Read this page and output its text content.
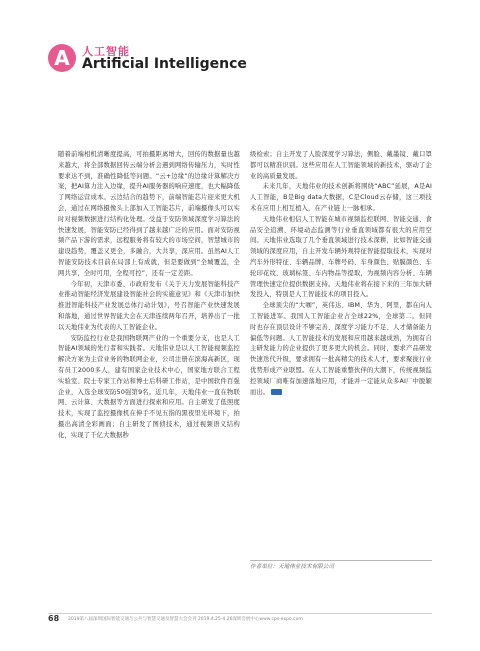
A 人工智能
Artificial Intelligence

随着前端相机清晰度提高，可拍摄距离增大，回传的数据量也越来越大，将全部数据回传云端分析会遇到网络传输压力，实时性要求达不到，准确性降低等问题。“云+边缘”的边缘计算解决方案，把AI算力注入边缘，提升AI服务器的响应速度，也大幅降低了网络运营成本。云边结合的趋势下，前端智能芯片迎来更大机会，通过在网络摄像头上部加入工智能芯片，前端摄像头可以实时对视频数据进行结构化处理。受益于安防领域深度学习算法的快速发展，智能安防已经得到了越来越广泛的应用。面对安防视频产品下游的需求，远程服务将有较大的市场空间，智慧城市的建设趋势，覆盖又更全，多融合，大共享，深应用。虽然AI人工智能安防技术目前在局部上有成就，但是要做到“全城覆盖，全网共享，全时可用，全程可控”，还有一定差距。

今年初，天津市委、市政府发布《关于天力发展智能科技产业推动智能经济发展建设智能社会的实施意见》和《天津市加快推进智能科技产业发展总体行动计划》，号召智能产业快速发展和落地，通过世界智能大会在天津连续两年召开，培养出了一批以天地伟业为代表的人工智能企业。

安防监控行业是我国物联网产业的一个重要分支，也是人工智能AI领域的先行者和实践者。天地伟业是以人工智能视频监控解决方案为主营业务的物联网企业，公司注册在滨海高新区，现有员工2000多人，建有国家企业技术中心，国家地方联合工程实验室、院士专家工作站和博士后科研工作站，是中国软件百强企业，入选全球安防50强第9名。近几年，天地伟业一直在物联网、云计算、大数据等方面进行探索和应用。自主研发了低照度技术，实现了监控摄像机在伸手不见五指的黑夜里光环境下，拍摄出高清全彩画面；自主研发了图侦技术，通过视频语义结构化，实现了千亿大数据秒

级检索；自主开发了人脸深度学习算法，侧脸、戴墨镜、戴口罩都可以精准识别。这些应用在人工智能领域的新技术，驱动了企业的高质量发展。

未来几年，天地伟业的技术创新将围绕“ABC”延展，A是AI人工智能，B是Big data大数据，C是Cloud云存储，这三项技术在应用上相互植入，在产业链上一脉相承。

天地伟业相信人工智能在城市视频监控联网、智能交通、食品安全追溯、环境动态监测等行业垂直领域都有很大的应用空间。天地伟业选取了几个垂直领域进行技术深耕，比如智能交通领域的深度应用，自主开发车辆外观特征智能提取技术，实现对汽车外形特征、车辆品牌、车牌号码、车身颜色、贴膜颜色、车轮印花纹、玻璃标签、车内物品等提取，为视频内容分析、车辆管理快速定位提供数据支持。天地伟业将在接下来的三年加大研发投入，特别是人工智能技术的项目投入。

全球顶尖的“大咖”，英伟达、IBM、华为、阿里，都在向人工智能进军。我国人工智能企业占全球22%，全球第二。但同时也存在顶层设计不够完善、深度学习能力不足、人才储备能力偏低等问题。人工智能技术的发展和应用越来越成熟，为拥有自主研发能力的企业提供了更多更大的机会。同时，要求产品研发快速迭代升级，要求拥有一批高精尖的技术人才，要求聚拢行业优势形成产业联盟。在人工智能重整伙伴的大潮下，传统视频监控领域厂商唯有加速落地应用，才能并一定能从众多AI厂中脱颖而出。	CPS

作者单位：天地伟业技术有限公司
68 2019第八届深圳国际智能交通与公共与智慧交通及智慧大会会刊 2019.4.25-4.26深圳会展中心www.cps-expo.com
